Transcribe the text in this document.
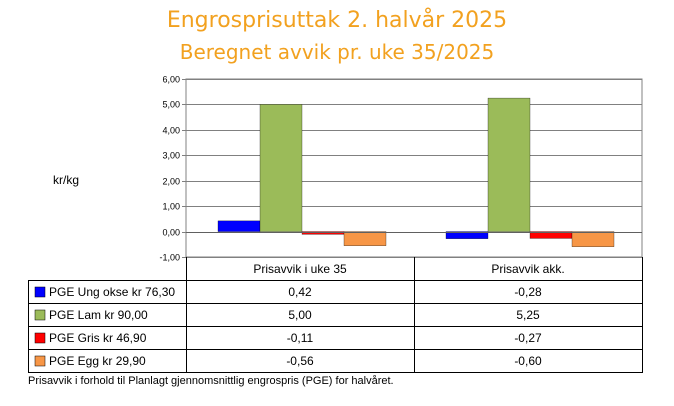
Engrosprisuttak 2. halvår 2025
Beregnet avvik pr. uke 35/2025
kr/kg
6,00
5,00
4,00
3,00
2,00
1,00
0,00
-1,00
Prisavvik i uke 35	Prisavvik akk.
PGE Ung okse kr 76,30	0,42	-0,28
PGE Lam kr 90,00	5,00	5,25
PGE Gris kr 46,90	-0,11	-0,27
PGE Egg kr 29,90	-0,56	-0,60
Prisavvik i forhold til Planlagt gjennomsnittlig engrospris (PGE) for halvåret.
